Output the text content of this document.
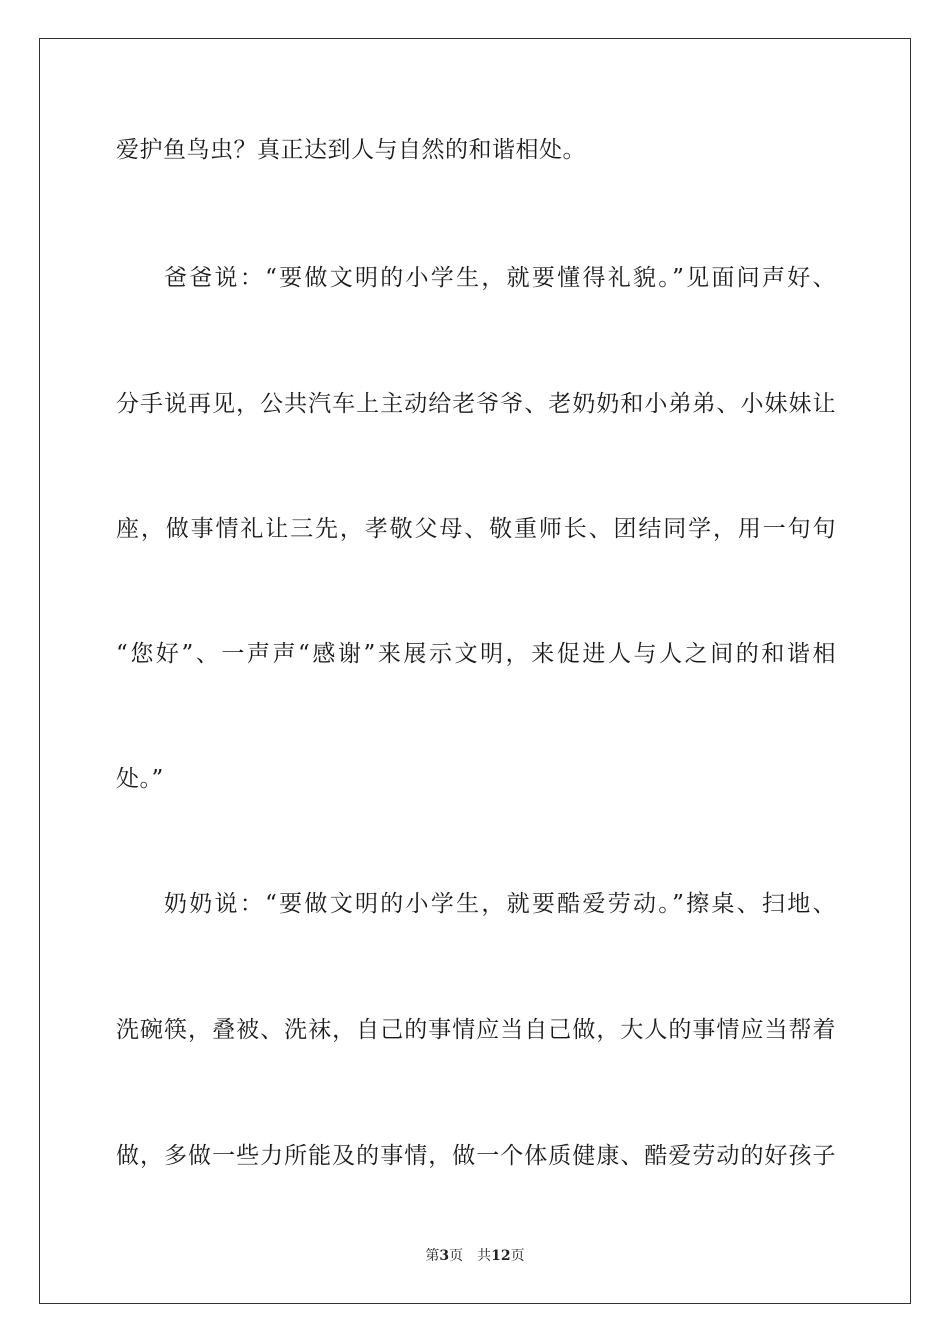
爱护鱼鸟虫？真正达到人与自然的和谐相处。
爸爸说：“要做文明的小学生，就要懂得礼貌。”见面问声好、
分手说再见，公共汽车上主动给老爷爷、老奶奶和小弟弟、小妹妹让
座，做事情礼让三先，孝敬父母、敬重师长、团结同学，用一句句
“您好”、一声声“感谢”来展示文明，来促进人与人之间的和谐相
处。”
奶奶说：“要做文明的小学生，就要酷爱劳动。”擦桌、扫地、
洗碗筷，叠被、洗袜，自己的事情应当自己做，大人的事情应当帮着
做，多做一些力所能及的事情，做一个体质健康、酷爱劳动的好孩子
第3页 共12页
